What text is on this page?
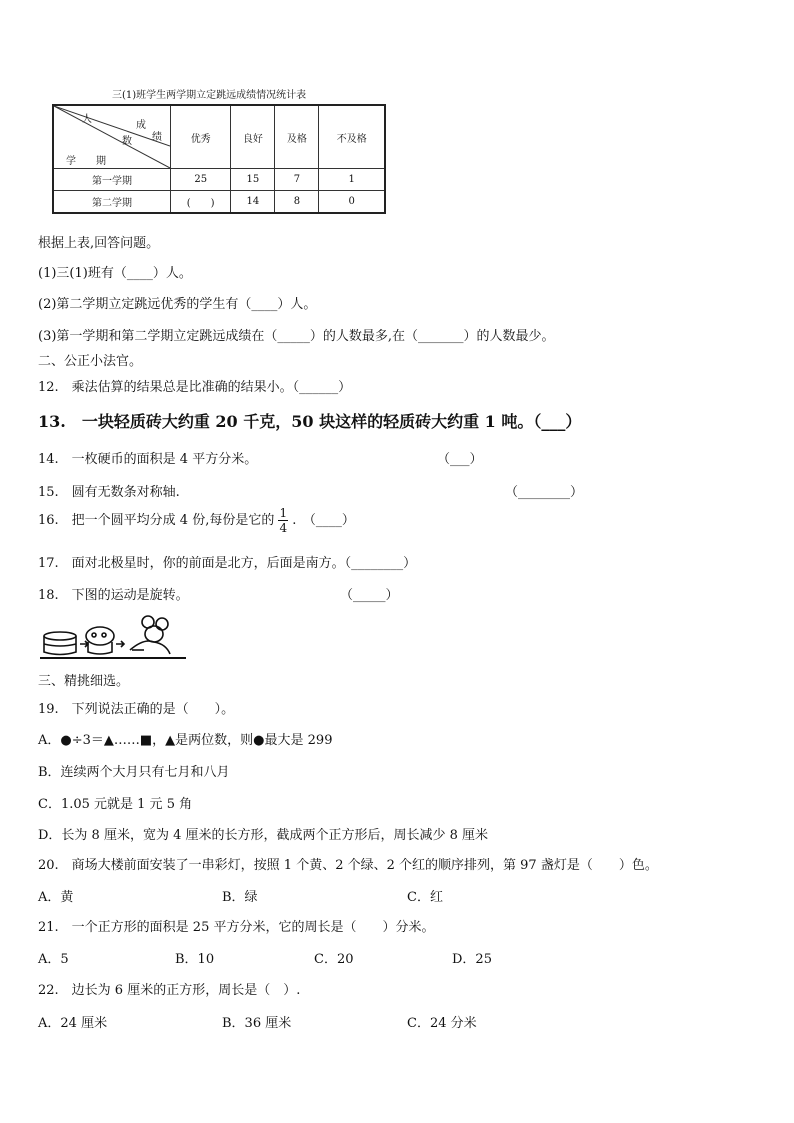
三(1)班学生两学期立定跳远成绩情况统计表
人
成
数 绩
学　　期	优秀	良好	及格	不及格
第一学期	25	15	7	1
第二学期	(　　)	14	8	0
根据上表,回答问题。
(1)三(1)班有（____）人。
(2)第二学期立定跳远优秀的学生有（____）人。
(3)第一学期和第二学期立定跳远成绩在（_____）的人数最多,在（_______）的人数最少。
二、公正小法官。
12.　乘法估算的结果总是比准确的结果小。（______）
13.　一块轻质砖大约重 20 千克，50 块这样的轻质砖大约重 1 吨。（___）
14.　一枚硬币的面积是 4 平方分米。	（___）
15.　圆有无数条对称轴.	（________）
16.　把一个圆平均分成 4 份,每份是它的 $\frac{1}{4}$ .　（____）
17.　面对北极星时，你的前面是北方，后面是南方。（________）
18.　下图的运动是旋转。	（_____）
三、精挑细选。
19.　下列说法正确的是（　　）。
A．●÷3＝▲……■，▲是两位数，则●最大是 299
B．连续两个大月只有七月和八月
C．1.05 元就是 1 元 5 角
D．长为 8 厘米，宽为 4 厘米的长方形，截成两个正方形后，周长减少 8 厘米
20.　商场大楼前面安装了一串彩灯，按照 1 个黄、2 个绿、2 个红的顺序排列，第 97 盏灯是（　　）色。
A．黄	B．绿	C．红
21.　一个正方形的面积是 25 平方分米，它的周长是（　　）分米。
A．5	B．10	C．20	D．25
22.　边长为 6 厘米的正方形，周长是（　）.
A．24 厘米	B．36 厘米	C．24 分米
